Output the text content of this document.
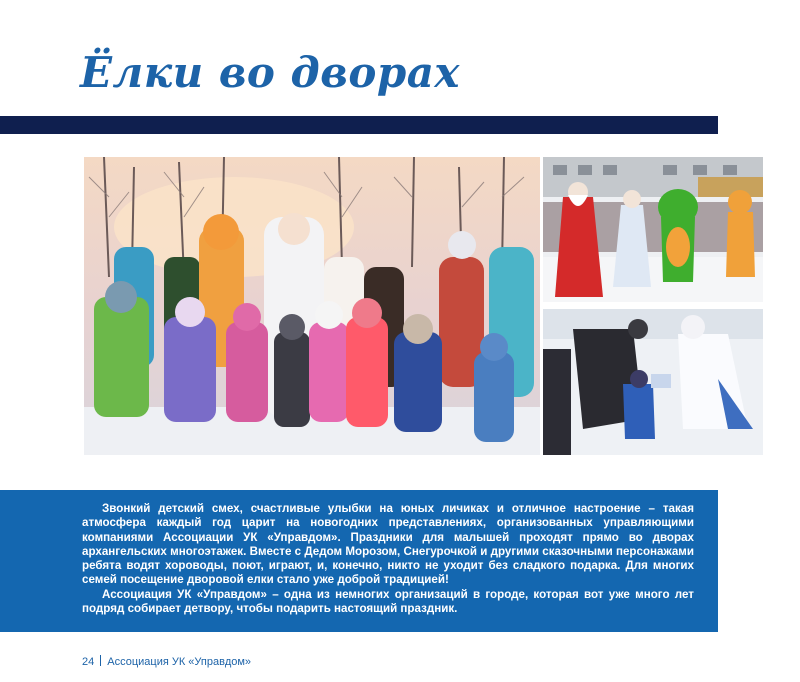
Ёлки во дворах

Звонкий детский смех, счастливые улыбки на юных личиках и отличное настроение – такая атмосфера каждый год царит на новогодних представлениях, организованных управляющими компаниями Ассоциации УК «Управдом». Праздники для малышей проходят прямо во дворах архангельских многоэтажек. Вместе с Дедом Морозом, Снегурочкой и другими сказочными персонажами ребята водят хороводы, поют, играют, и, конечно, никто не уходит без сладкого подарка. Для многих семей посещение дворовой елки стало уже доброй традицией!

Ассоциация УК «Управдом» – одна из немногих организаций в городе, которая вот уже много лет подряд собирает детвору, чтобы подарить настоящий праздник.

24 Ассоциация УК «Управдом»
